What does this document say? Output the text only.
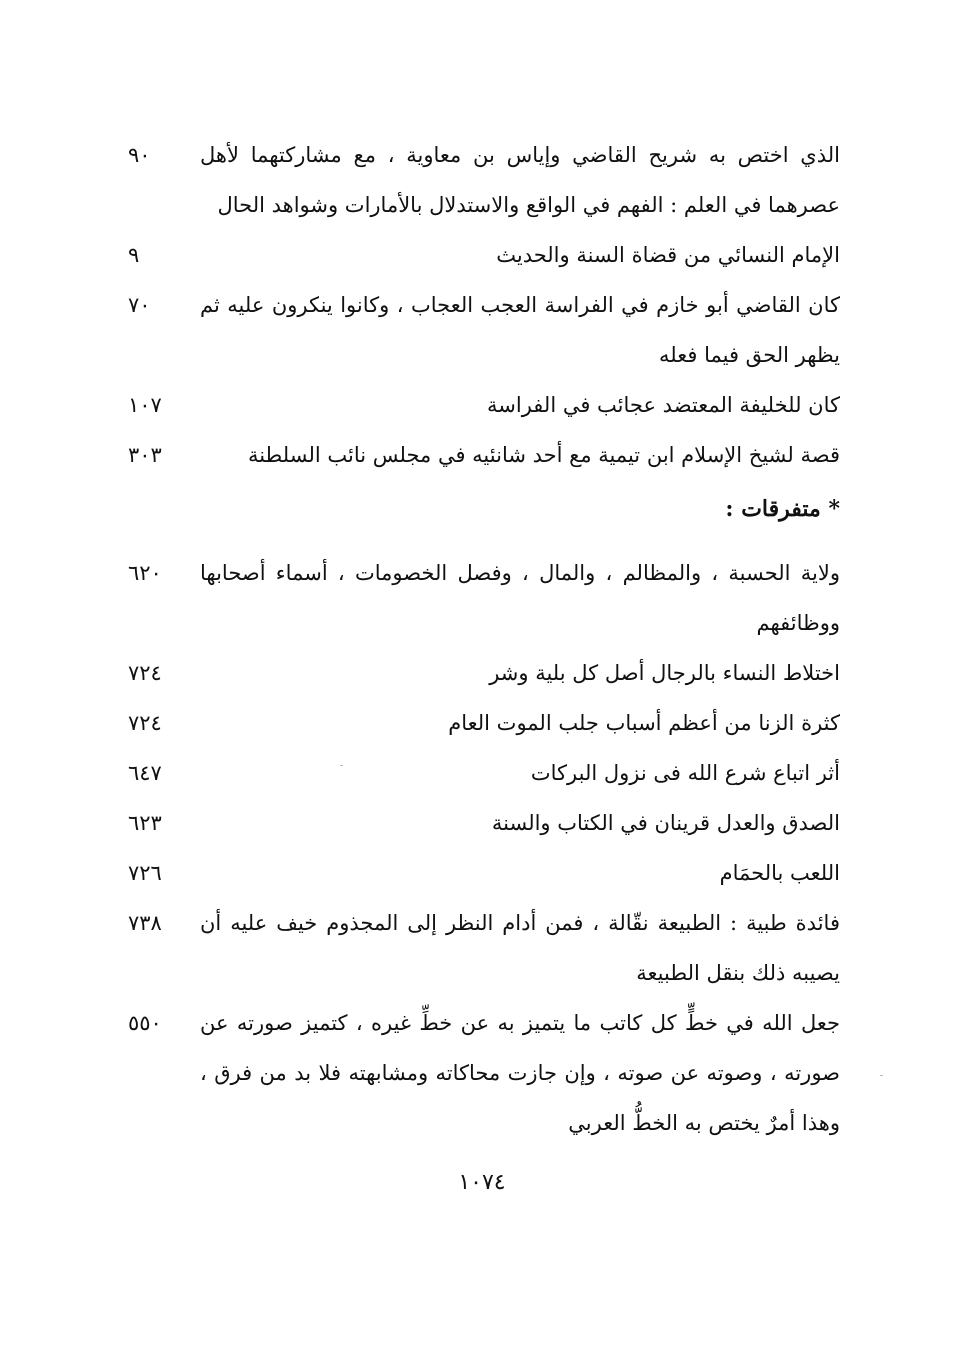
الذي اختص به شريح القاضي وإياس بن معاوية ، مع مشاركتهما لأهل عصرهما في العلم : الفهم في الواقع والاستدلال بالأمارات وشواهد الحال
٩٠
الإمام النسائي من قضاة السنة والحديث
٩
كان القاضي أبو خازم في الفراسة العجب العجاب ، وكانوا ينكرون عليه ثم يظهر الحق فيما فعله
٧٠
كان للخليفة المعتضد عجائب في الفراسة
١٠٧
قصة لشيخ الإسلام ابن تيمية مع أحد شانئيه في مجلس نائب السلطنة
٣٠٣
* متفرقات :
ولاية الحسبة ، والمظالم ، والمال ، وفصل الخصومات ، أسماء أصحابها ووظائفهم
٦٢٠
اختلاط النساء بالرجال أصل كل بلية وشر
٧٢٤
كثرة الزنا من أعظم أسباب جلب الموت العام
٧٢٤
أثر اتباع شرع الله فى نزول البركات
٦٤٧
الصدق والعدل قرينان في الكتاب والسنة
٦٢٣
اللعب بالحمَام
٧٢٦
فائدة طبية : الطبيعة نقّالة ، فمن أدام النظر إلى المجذوم خيف عليه أن يصيبه ذلك بنقل الطبيعة
٧٣٨
جعل الله في خطٍّ كل كاتب ما يتميز به عن خطِّ غيره ، كتميز صورته عن صورته ، وصوته عن صوته ، وإن جازت محاكاته ومشابهته فلا بد من فرق ، وهذا أمرٌ يختص به الخطُّ العربي
٥٥٠
١٠٧٤
